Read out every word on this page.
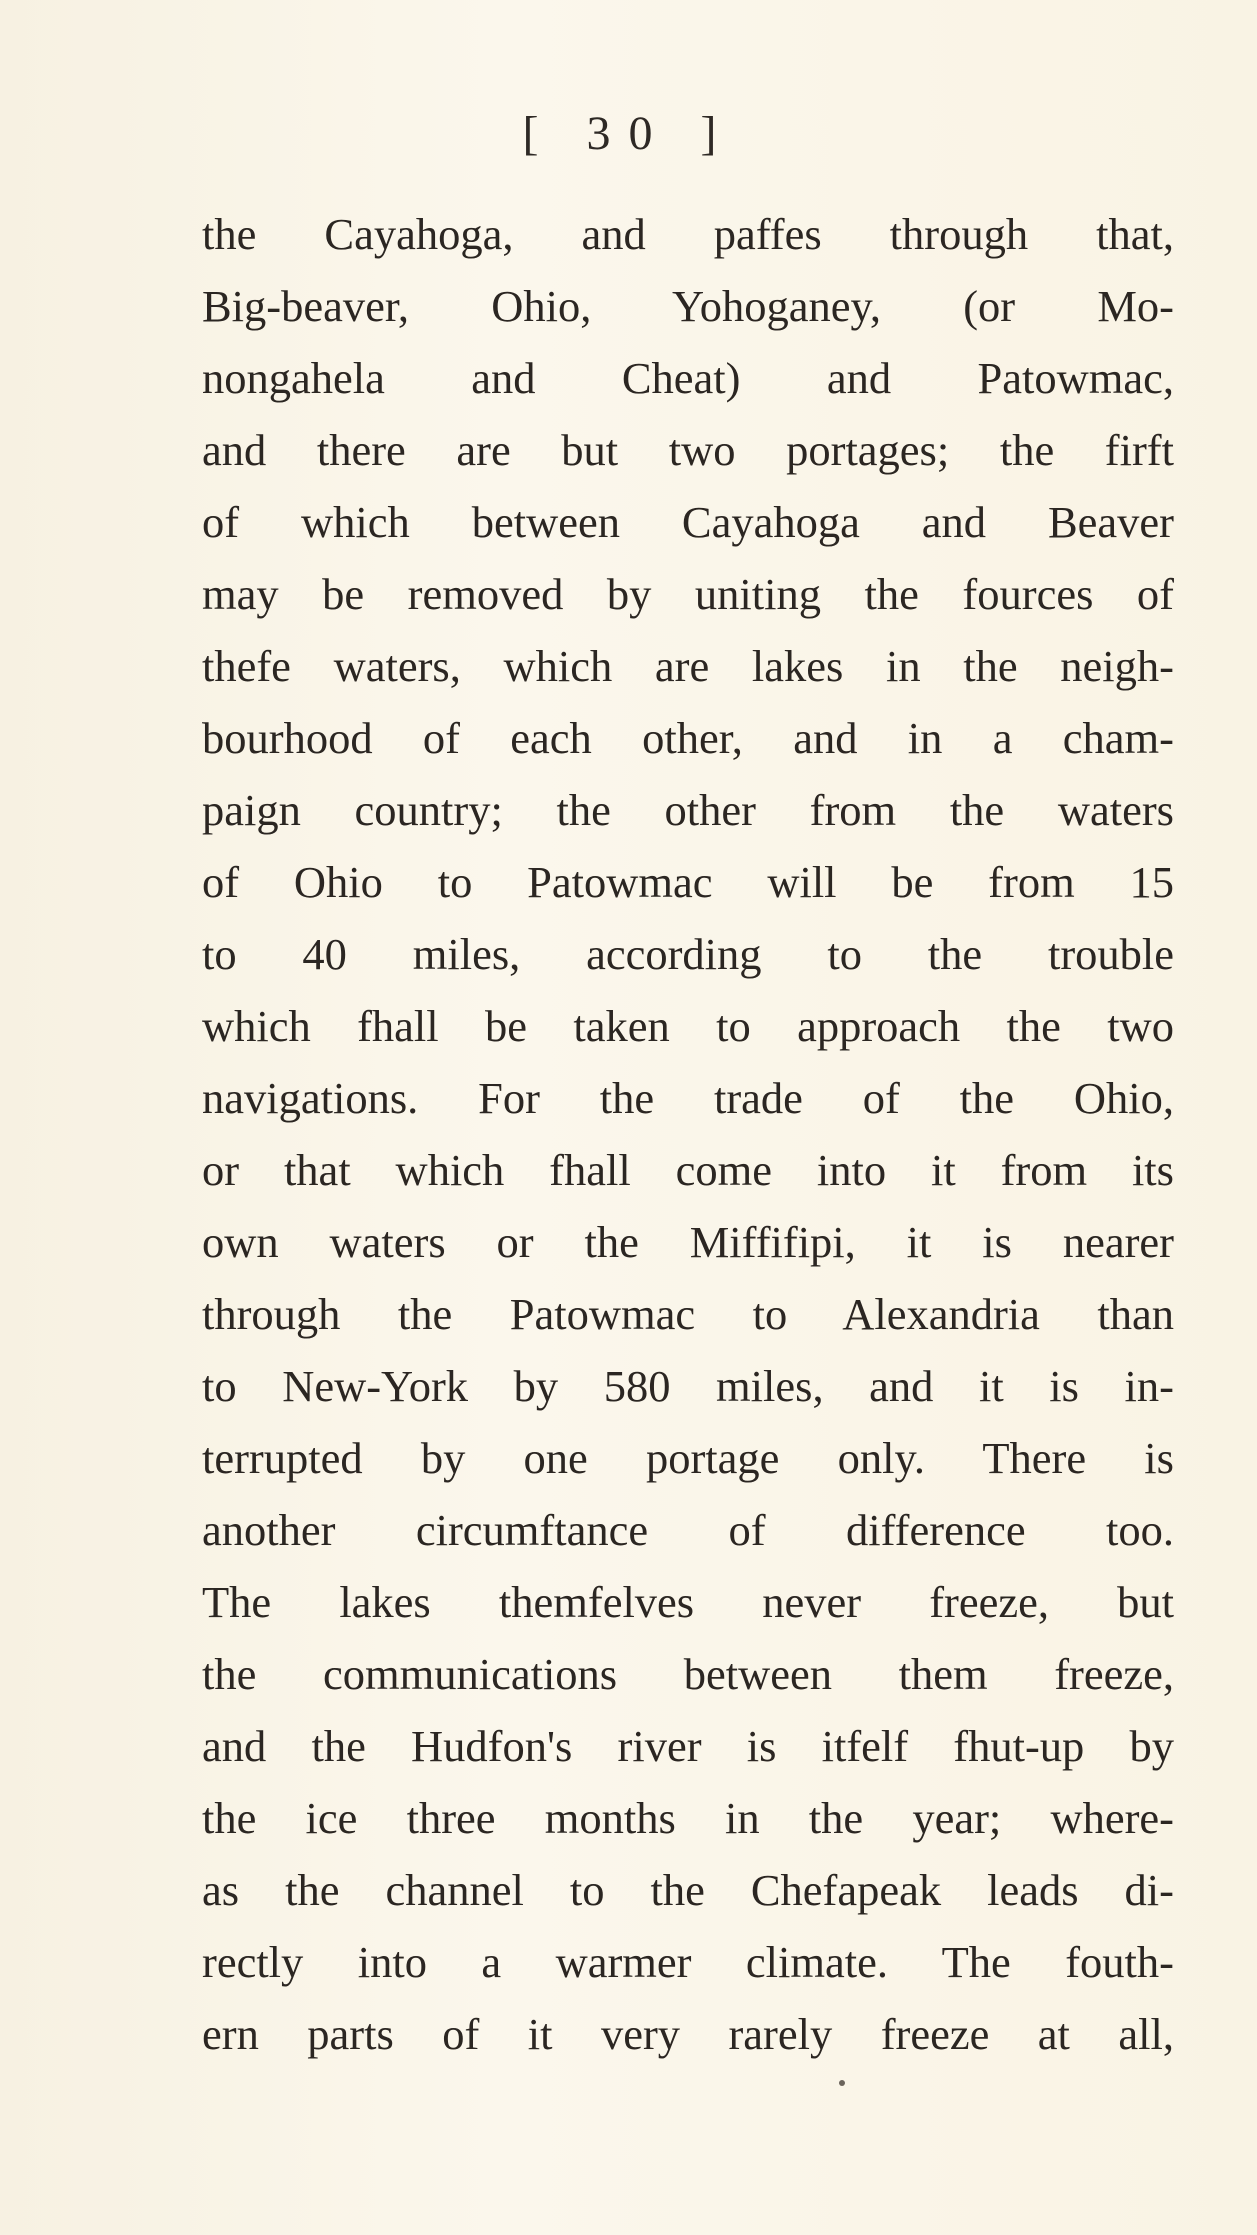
[ 30 ]
the Cayahoga, and paffes through that,
Big-beaver, Ohio, Yohoganey, (or Mo-
nongahela and Cheat) and Patowmac,
and there are but two portages; the firft
of which between Cayahoga and Beaver
may be removed by uniting the fources of
thefe waters, which are lakes in the neigh-
bourhood of each other, and in a cham-
paign country; the other from the waters
of Ohio to Patowmac will be from 15
to 40 miles, according to the trouble
which fhall be taken to approach the two
navigations. For the trade of the Ohio,
or that which fhall come into it from its
own waters or the Miffifipi, it is nearer
through the Patowmac to Alexandria than
to New-York by 580 miles, and it is in-
terrupted by one portage only. There is
another circumftance of difference too.
The lakes themfelves never freeze, but
the communications between them freeze,
and the Hudfon's river is itfelf fhut-up by
the ice three months in the year; where-
as the channel to the Chefapeak leads di-
rectly into a warmer climate. The fouth-
ern parts of it very rarely freeze at all,
